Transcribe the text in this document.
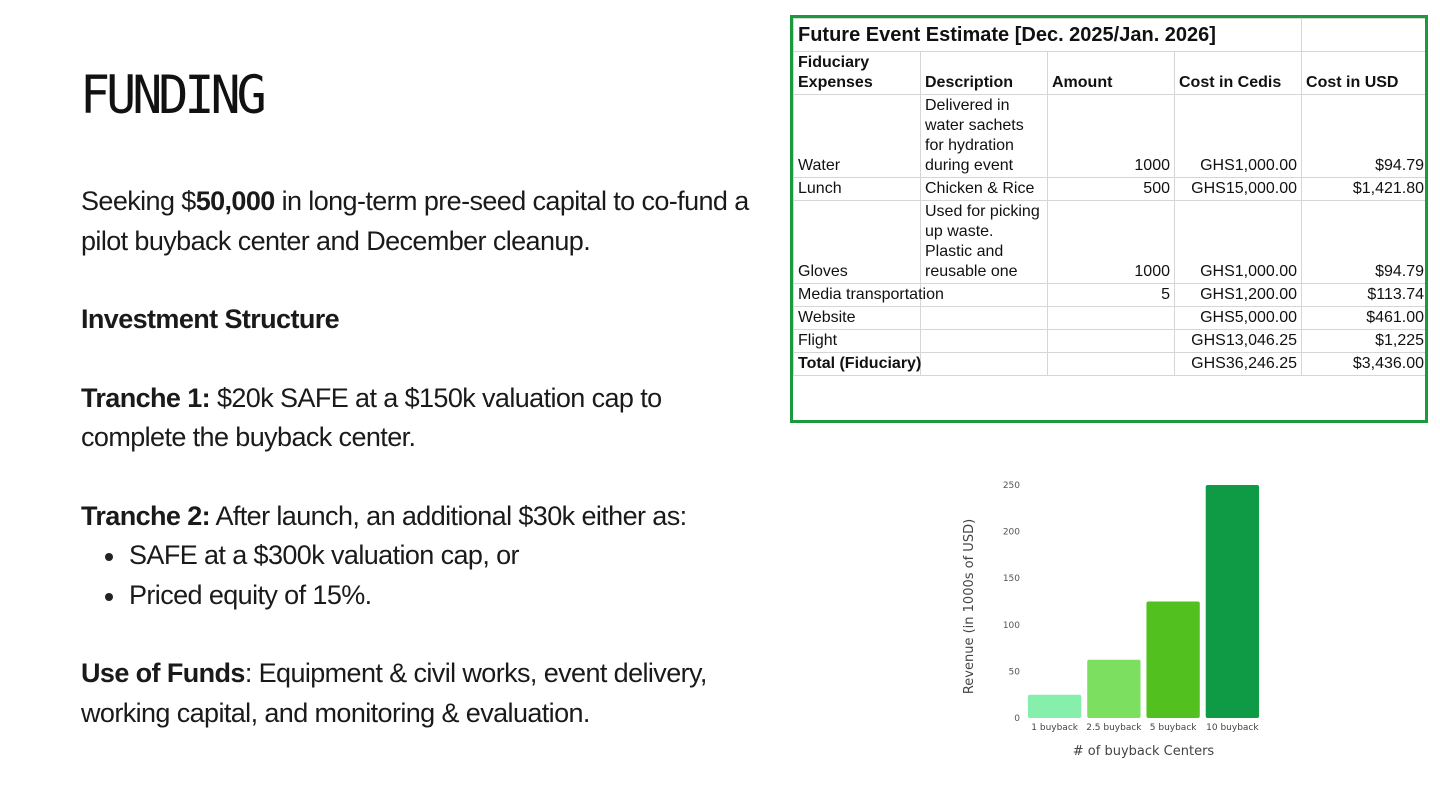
FUNDING

Seeking $50,000 in long-term pre-seed capital to co-fund a pilot buyback center and December cleanup.

Investment Structure

Tranche 1: $20k SAFE at a $150k valuation cap to complete the buyback center.

Tranche 2: After launch, an additional $30k either as:

SAFE at a $300k valuation cap, or
Priced equity of 15%.

Use of Funds: Equipment & civil works, event delivery, working capital, and monitoring & evaluation.

Future Event Estimate [Dec. 2025/Jan. 2026]				
Fiduciary Expenses	Description	Amount	Cost in Cedis	Cost in USD
Water	Delivered in water sachets for hydration during event	1000	GHS1,000.00	$94.79
Lunch	Chicken & Rice	500	GHS15,000.00	$1,421.80
Gloves	Used for picking up waste. Plastic and reusable one	1000	GHS1,000.00	$94.79
Media transportation		5	GHS1,200.00	$113.74
Website			GHS5,000.00	$461.00
Flight			GHS13,046.25	$1,225
Total (Fiduciary)			GHS36,246.25	$3,436.00
0
50
100
150
200
250
1 buyback 2.5 buyback 5 buyback 10 buyback
# of buyback Centers
Revenue (in 1000s of USD)
